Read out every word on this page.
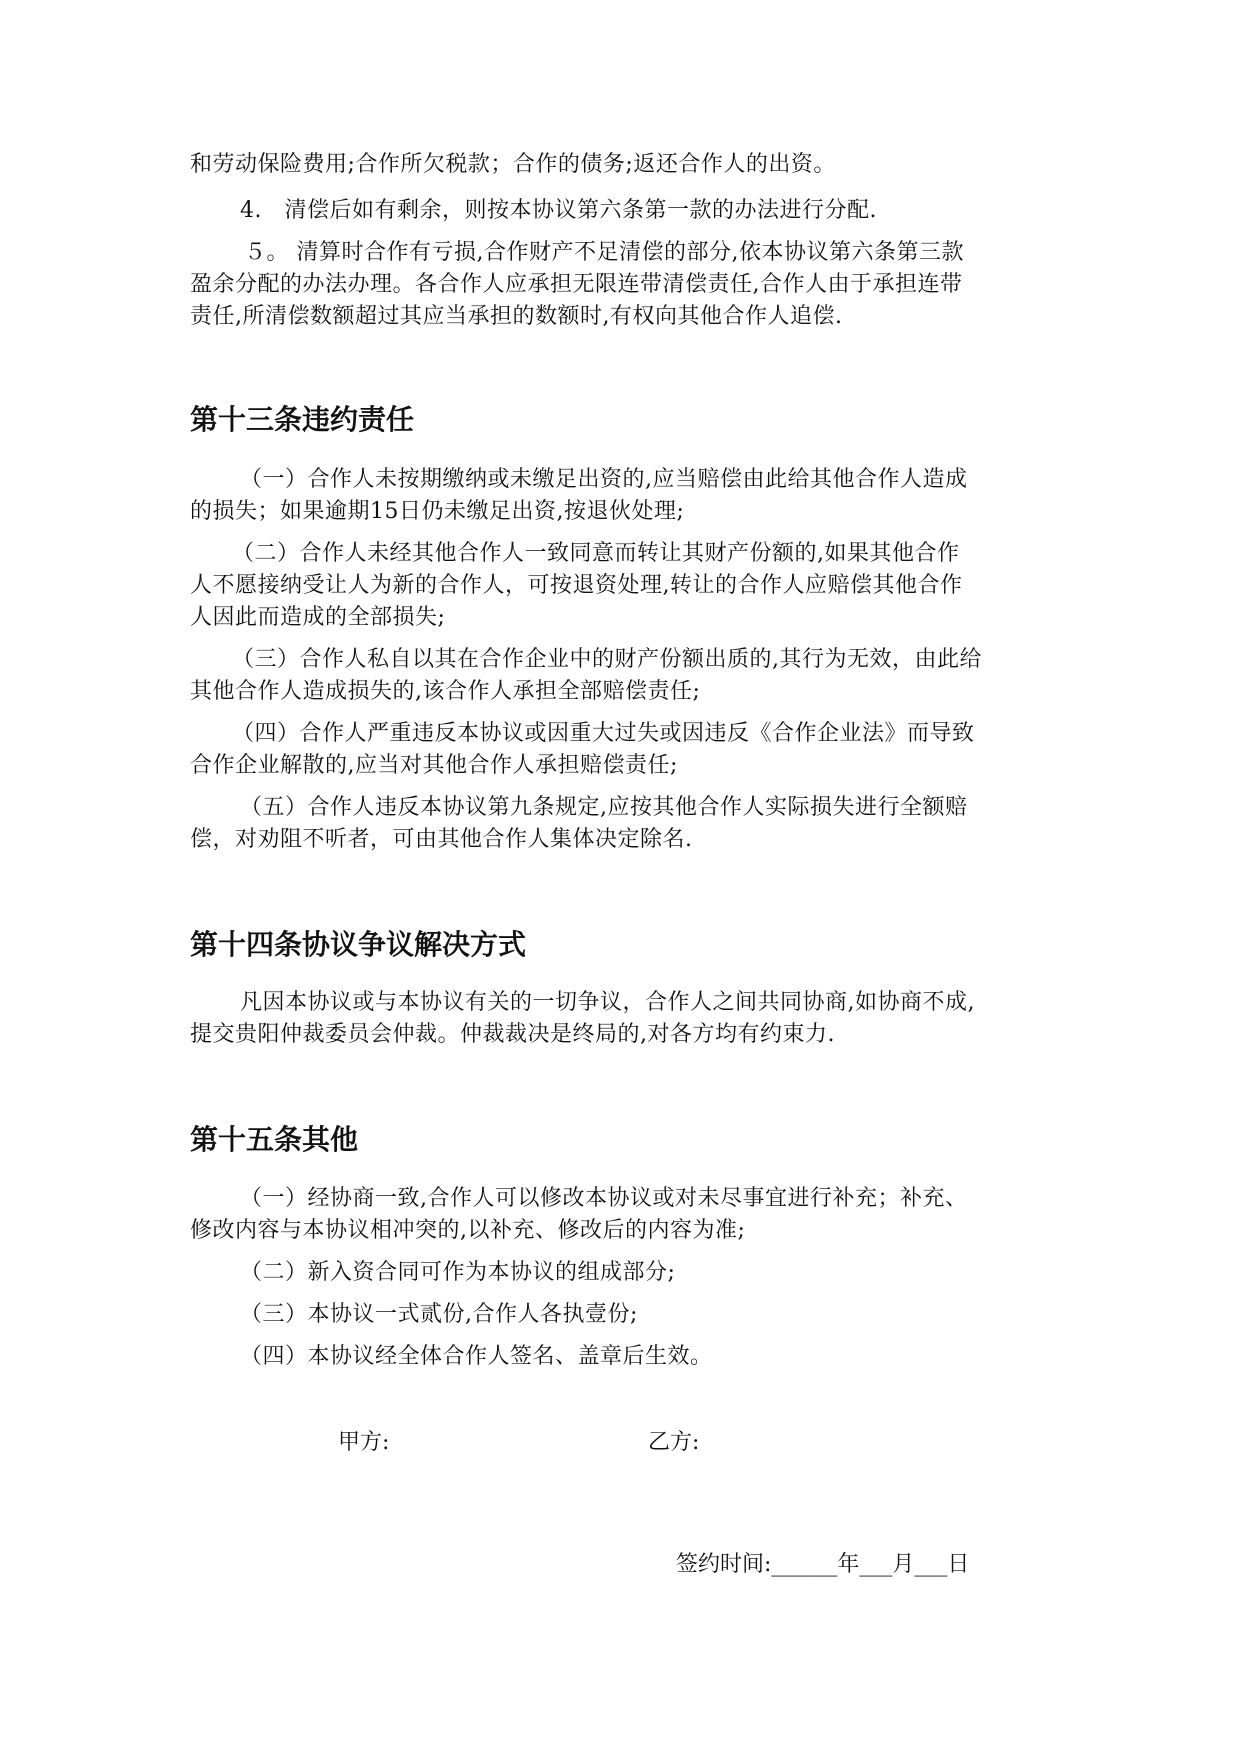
和劳动保险费用;合作所欠税款；合作的债务;返还合作人的出资。
4.　清偿后如有剩余，则按本协议第六条第一款的办法进行分配.
５。 清算时合作有亏损,合作财产不足清偿的部分,依本协议第六条第三款
盈余分配的办法办理。各合作人应承担无限连带清偿责任,合作人由于承担连带
责任,所清偿数额超过其应当承担的数额时,有权向其他合作人追偿.
第十三条违约责任
（一）合作人未按期缴纳或未缴足出资的,应当赔偿由此给其他合作人造成
的损失；如果逾期15日仍未缴足出资,按退伙处理;
（二）合作人未经其他合作人一致同意而转让其财产份额的,如果其他合作
人不愿接纳受让人为新的合作人，可按退资处理,转让的合作人应赔偿其他合作
人因此而造成的全部损失;
（三）合作人私自以其在合作企业中的财产份额出质的,其行为无效，由此给
其他合作人造成损失的,该合作人承担全部赔偿责任;
（四）合作人严重违反本协议或因重大过失或因违反《合作企业法》而导致
合作企业解散的,应当对其他合作人承担赔偿责任;
（五）合作人违反本协议第九条规定,应按其他合作人实际损失进行全额赔
偿，对劝阻不听者，可由其他合作人集体决定除名.
第十四条协议争议解决方式
凡因本协议或与本协议有关的一切争议，合作人之间共同协商,如协商不成,
提交贵阳仲裁委员会仲裁。仲裁裁决是终局的,对各方均有约束力.
第十五条其他
（一）经协商一致,合作人可以修改本协议或对未尽事宜进行补充；补充、
修改内容与本协议相冲突的,以补充、修改后的内容为准;
（二）新入资合同可作为本协议的组成部分;
（三）本协议一式贰份,合作人各执壹份;
（四）本协议经全体合作人签名、盖章后生效。
甲方:	乙方:
签约时间:______年___月___日
